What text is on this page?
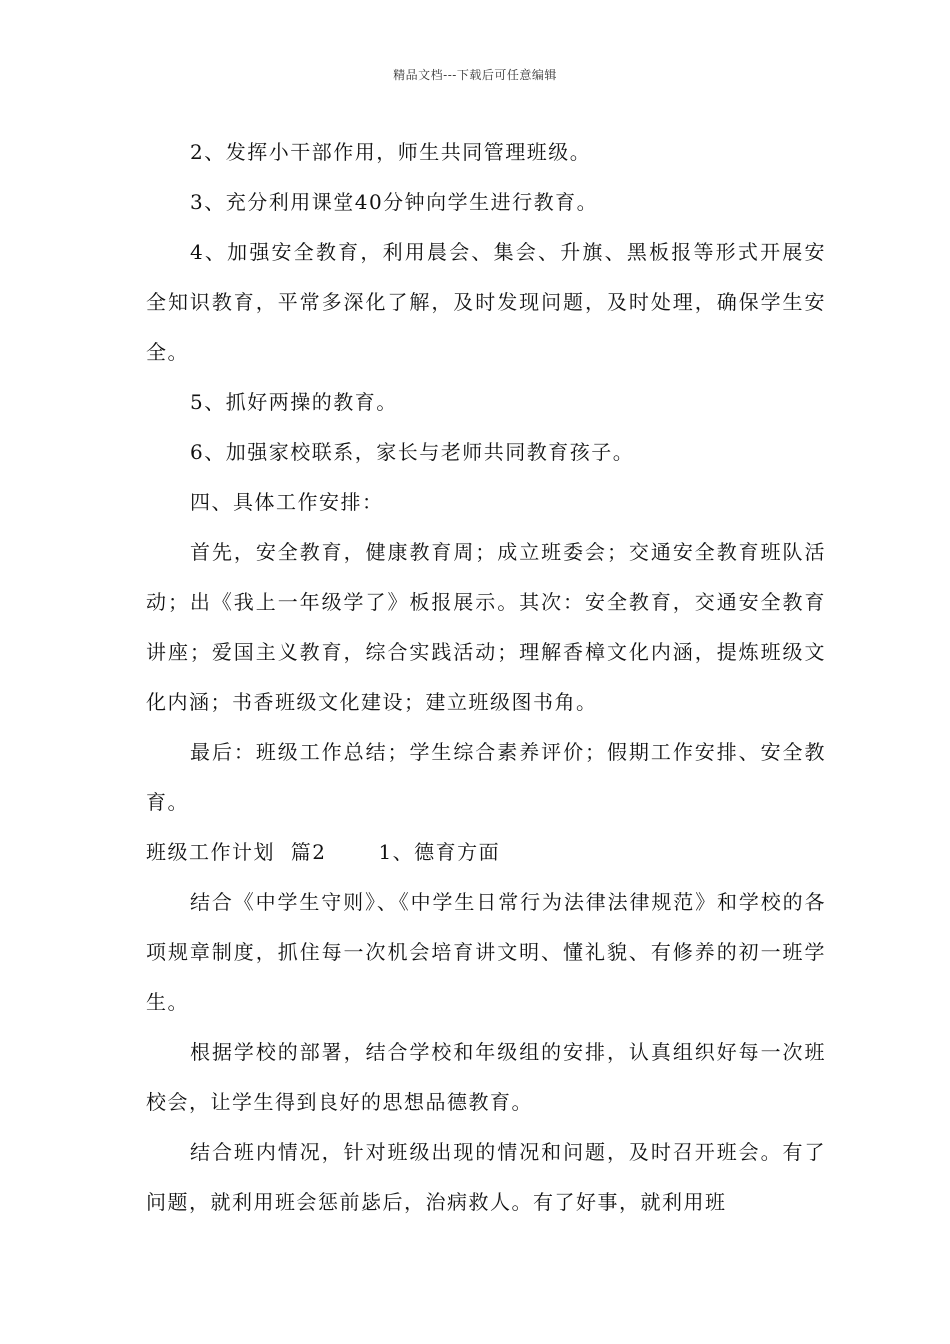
精品文档---下载后可任意编辑

2、发挥小干部作用，师生共同管理班级。

3、充分利用课堂40分钟向学生进行教育。

4、加强安全教育，利用晨会、集会、升旗、黑板报等形式开展安全知识教育，平常多深化了解，及时发现问题，及时处理，确保学生安全。

5、抓好两操的教育。

6、加强家校联系，家长与老师共同教育孩子。

四、具体工作安排：

首先，安全教育，健康教育周；成立班委会；交通安全教育班队活动；出《我上一年级学了》板报展示。其次：安全教育，交通安全教育讲座；爱国主义教育，综合实践活动；理解香樟文化内涵，提炼班级文化内涵；书香班级文化建设；建立班级图书角。

最后：班级工作总结；学生综合素养评价；假期工作安排、安全教育。

班级工作计划  篇2	1、德育方面

结合《中学生守则》、《中学生日常行为法律法律规范》和学校的各项规章制度，抓住每一次机会培育讲文明、懂礼貌、有修养的初一班学生。

根据学校的部署，结合学校和年级组的安排，认真组织好每一次班校会，让学生得到良好的思想品德教育。

结合班内情况，针对班级出现的情况和问题，及时召开班会。有了问题，就利用班会惩前毖后，治病救人。有了好事，就利用班
